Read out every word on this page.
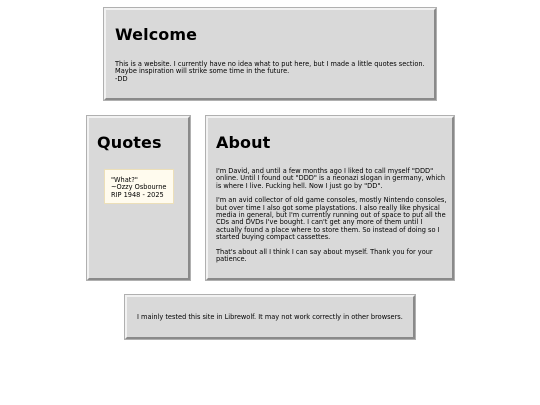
Welcome
This is a website. I currently have no idea what to put here, but I made a little quotes section.
Maybe inspiration will strike some time in the future.
-DD
Quotes
"What?"
~Ozzy Osbourne
RIP 1948 - 2025
About

I'm David, and until a few months ago I liked to call myself "DDD" online. Until I found out "DDD" is a neonazi slogan in germany, which is where I live. Fucking hell. Now I just go by "DD".

I'm an avid collector of old game consoles, mostly Nintendo consoles, but over time I also got some playstations. I also really like physical media in general, but I'm currently running out of space to put all the CDs and DVDs I've bought. I can't get any more of them until I actually found a place where to store them. So instead of doing so I started buying compact cassettes.

That's about all I think I can say about myself. Thank you for your patience.

I mainly tested this site in Librewolf. It may not work correctly in other browsers.
